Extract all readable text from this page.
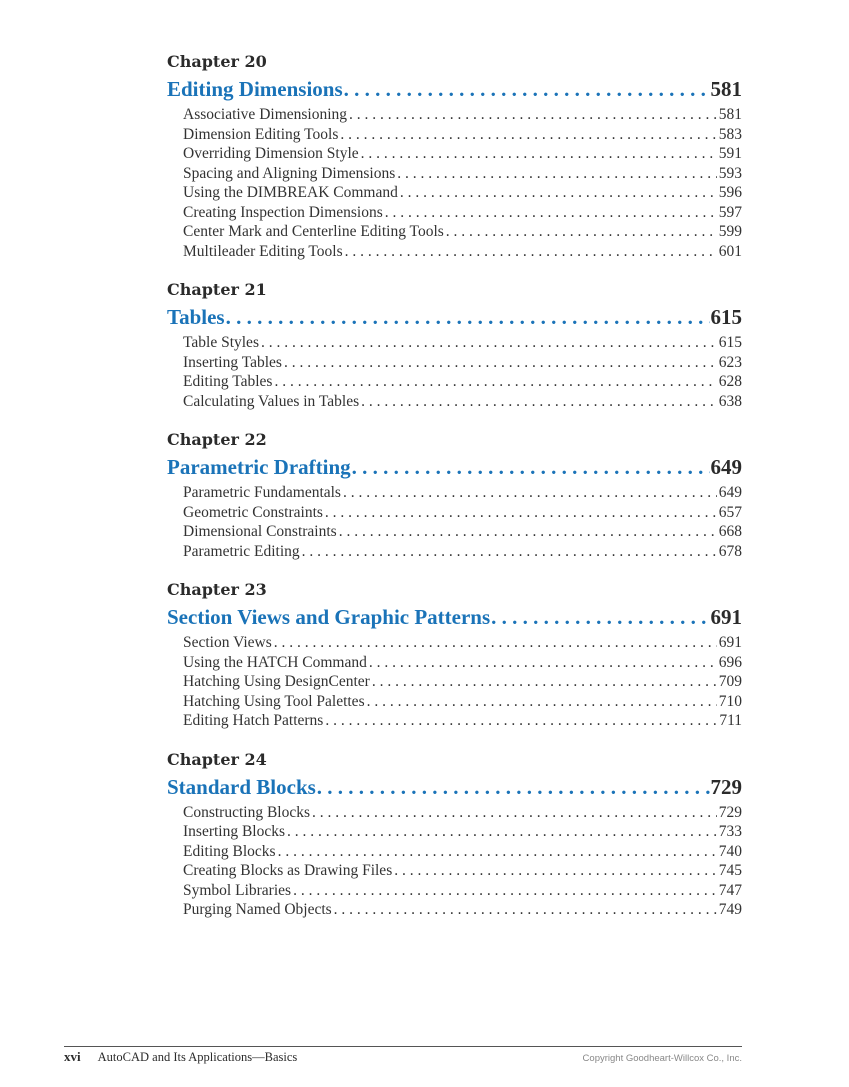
Chapter 20
Editing Dimensions . . .	581
Associative Dimensioning . . .	581
Dimension Editing Tools . . .	583
Overriding Dimension Style . . .	591
Spacing and Aligning Dimensions . . .	593
Using the DIMBREAK Command . . .	596
Creating Inspection Dimensions . . .	597
Center Mark and Centerline Editing Tools . . .	599
Multileader Editing Tools . . .	601
Chapter 21
Tables . . .	615
Table Styles . . .	615
Inserting Tables . . .	623
Editing Tables . . .	628
Calculating Values in Tables . . .	638
Chapter 22
Parametric Drafting . . .	649
Parametric Fundamentals . . .	649
Geometric Constraints . . .	657
Dimensional Constraints . . .	668
Parametric Editing . . .	678
Chapter 23
Section Views and Graphic Patterns . . .	691
Section Views . . .	691
Using the HATCH Command . . .	696
Hatching Using DesignCenter . . .	709
Hatching Using Tool Palettes . . .	710
Editing Hatch Patterns . . .	711
Chapter 24
Standard Blocks . . .	729
Constructing Blocks . . .	729
Inserting Blocks . . .	733
Editing Blocks . . .	740
Creating Blocks as Drawing Files . . .	745
Symbol Libraries . . .	747
Purging Named Objects . . .	749
xvi AutoCAD and Its Applications—Basics	Copyright Goodheart-Willcox Co., Inc.
